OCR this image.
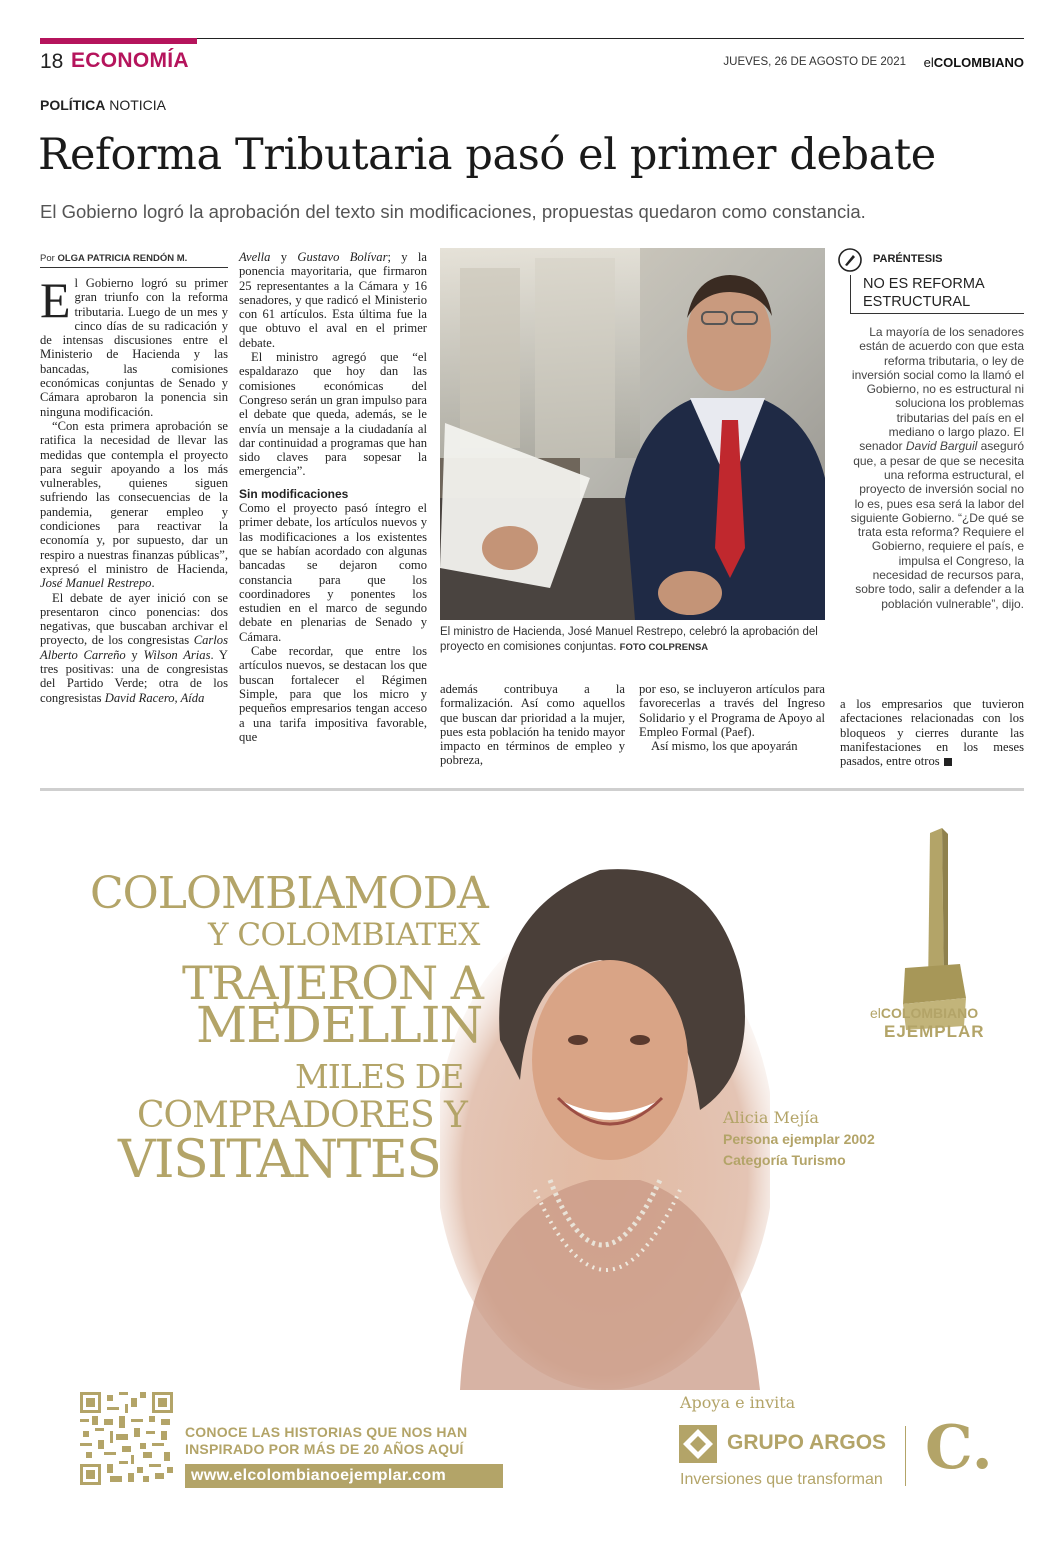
18 ECONOMÍA	JUEVES, 26 DE AGOSTO DE 2021 elCOLOMBIANO
POLÍTICA NOTICIA
Reforma Tributaria pasó el primer debate
El Gobierno logró la aprobación del texto sin modificaciones, propuestas quedaron como constancia.
Por OLGA PATRICIA RENDÓN M.

El Gobierno logró su primer gran triunfo con la reforma tributaria. Luego de un mes y cinco días de su radicación y de intensas discusiones entre el Ministerio de Hacienda y las bancadas, las comisiones económicas conjuntas de Senado y Cámara aprobaron la ponencia sin ninguna modificación.

“Con esta primera aprobación se ratifica la necesidad de llevar las medidas que contempla el proyecto para seguir apoyando a los más vulnerables, quienes siguen sufriendo las consecuencias de la pandemia, generar empleo y condiciones para reactivar la economía y, por supuesto, dar un respiro a nuestras finanzas públicas”, expresó el ministro de Hacienda, José Manuel Restrepo.

El debate de ayer inició con se presentaron cinco ponencias: dos negativas, que buscaban archivar el proyecto, de los congresistas Carlos Alberto Carreño y Wilson Arias. Y tres positivas: una de congresistas del Partido Verde; otra de los congresistas David Racero, Aída

Avella y Gustavo Bolívar; y la ponencia mayoritaria, que firmaron 25 representantes a la Cámara y 16 senadores, y que radicó el Ministerio con 61 artículos. Esta última fue la que obtuvo el aval en el primer debate.

El ministro agregó que “el espaldarazo que hoy dan las comisiones económicas del Congreso serán un gran impulso para el debate que queda, además, se le envía un mensaje a la ciudadanía al dar continuidad a programas que han sido claves para sopesar la emergencia”.

Sin modificaciones

Como el proyecto pasó íntegro el primer debate, los artículos nuevos y las modificaciones a los existentes que se habían acordado con algunas bancadas se dejaron como constancia para que los coordinadores y ponentes los estudien en el marco de segundo debate en plenarias de Senado y Cámara.

Cabe recordar, que entre los artículos nuevos, se destacan los que buscan fortalecer el Régimen Simple, para que los micro y pequeños empresarios tengan acceso a una tarifa impositiva favorable, que

El ministro de Hacienda, José Manuel Restrepo, celebró la aprobación del proyecto en comisiones conjuntas. FOTO COLPRENSA

además contribuya a la formalización. Así como aquellos que buscan dar prioridad a la mujer, pues esta población ha tenido mayor impacto en términos de empleo y pobreza,

por eso, se incluyeron artículos para favorecerlas a través del Ingreso Solidario y el Programa de Apoyo al Empleo Formal (Paef).

Así mismo, los que apoyarán

a los empresarios que tuvieron afectaciones relacionadas con los bloqueos y cierres durante las manifestaciones en los meses pasados, entre otros

PARÉNTESIS
NO ES REFORMA
ESTRUCTURAL
La mayoría de los senadores están de acuerdo con que esta reforma tributaria, o ley de inversión social como la llamó el Gobierno, no es estructural ni soluciona los problemas tributarias del país en el mediano o largo plazo. El senador David Barguil aseguró que, a pesar de que se necesita una reforma estructural, el proyecto de inversión social no lo es, pues esa será la labor del siguiente Gobierno. “¿De qué se trata esta reforma? Requiere el Gobierno, requiere el país, e impulsa el Congreso, la necesidad de recursos para, sobre todo, salir a defender a la población vulnerable”, dijo.
COLOMBIAMODA
Y COLOMBIATEX
TRAJERON A
MEDELLIN
MILES DE
COMPRADORES Y
VISITANTES
elCOLOMBIANO
EJEMPLAR
Alicia Mejía
Persona ejemplar 2002
Categoría Turismo
CONOCE LAS HISTORIAS QUE NOS HAN
INSPIRADO POR MÁS DE 20 AÑOS AQUÍ
www.elcolombianoejemplar.com
Apoya e invita
GRUPO ARGOS
Inversiones que transforman C.
